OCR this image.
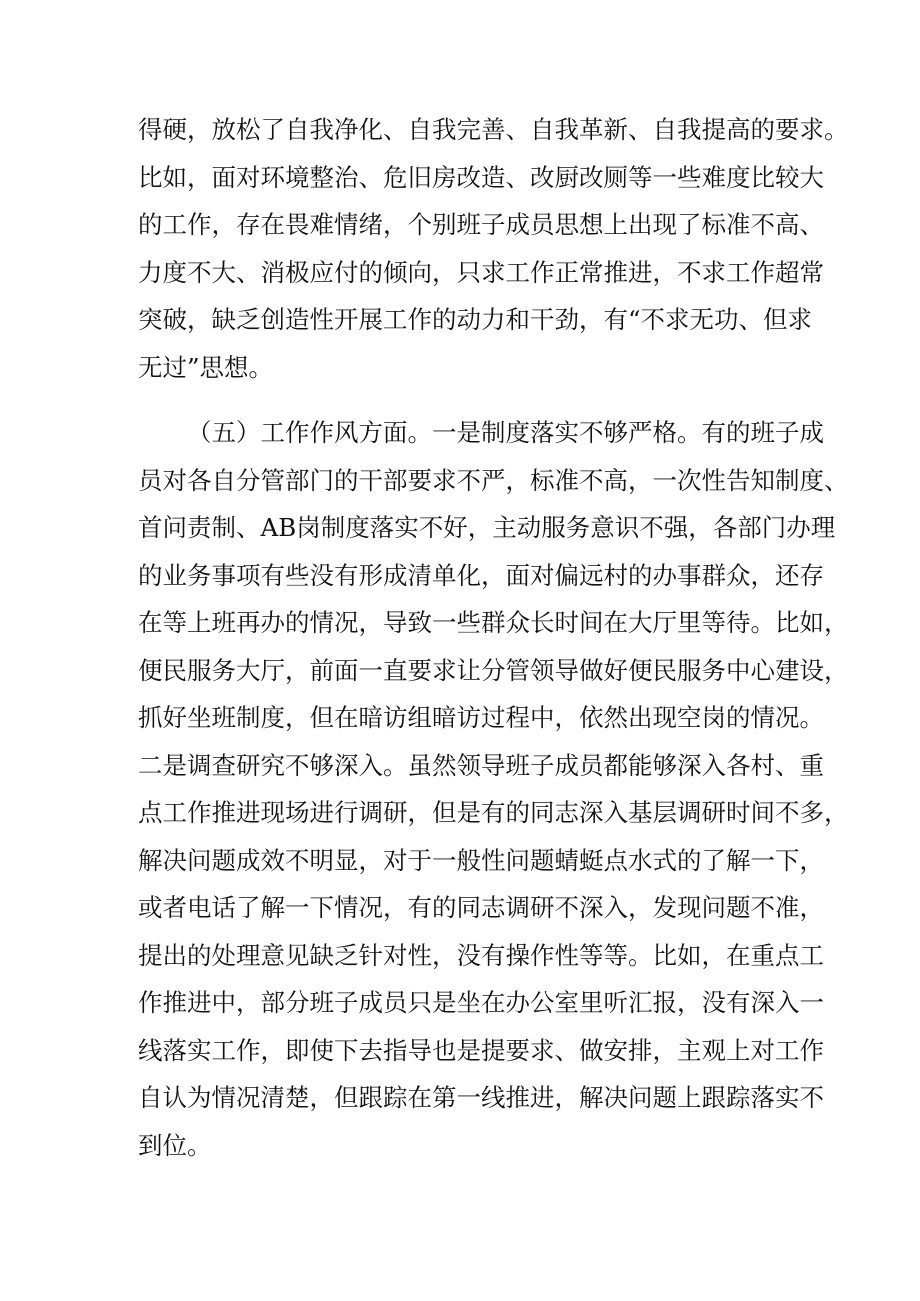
得硬，放松了自我净化、自我完善、自我革新、自我提高的要求。
比如，面对环境整治、危旧房改造、改厨改厕等一些难度比较大
的工作，存在畏难情绪，个别班子成员思想上出现了标准不高、
力度不大、消极应付的倾向，只求工作正常推进，不求工作超常
突破，缺乏创造性开展工作的动力和干劲，有“不求无功、但求
无过”思想。
（五）工作作风方面。一是制度落实不够严格。有的班子成
员对各自分管部门的干部要求不严，标准不高，一次性告知制度、
首问责制、AB岗制度落实不好，主动服务意识不强，各部门办理
的业务事项有些没有形成清单化，面对偏远村的办事群众，还存
在等上班再办的情况，导致一些群众长时间在大厅里等待。比如，
便民服务大厅，前面一直要求让分管领导做好便民服务中心建设，
抓好坐班制度，但在暗访组暗访过程中，依然出现空岗的情况。
二是调查研究不够深入。虽然领导班子成员都能够深入各村、重
点工作推进现场进行调研，但是有的同志深入基层调研时间不多，
解决问题成效不明显，对于一般性问题蜻蜓点水式的了解一下，
或者电话了解一下情况，有的同志调研不深入，发现问题不准，
提出的处理意见缺乏针对性，没有操作性等等。比如，在重点工
作推进中，部分班子成员只是坐在办公室里听汇报，没有深入一
线落实工作，即使下去指导也是提要求、做安排，主观上对工作
自认为情况清楚，但跟踪在第一线推进，解决问题上跟踪落实不
到位。
